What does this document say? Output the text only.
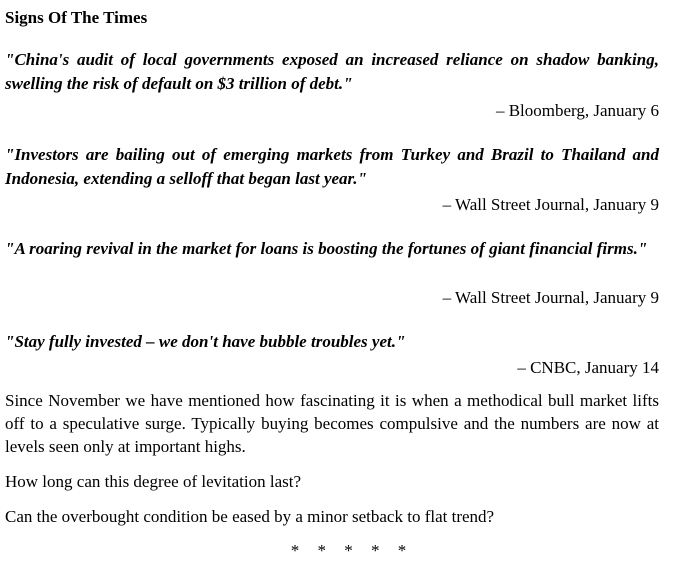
Signs Of The Times
"China's audit of local governments exposed an increased reliance on shadow banking, swelling the risk of default on $3 trillion of debt."
– Bloomberg, January 6
"Investors are bailing out of emerging markets from Turkey and Brazil to Thailand and Indonesia, extending a selloff that began last year."
– Wall Street Journal, January 9
"A roaring revival in the market for loans is boosting the fortunes of giant financial firms."
– Wall Street Journal, January 9
"Stay fully invested – we don't have bubble troubles yet."
– CNBC, January 14
Since November we have mentioned how fascinating it is when a methodical bull market lifts off to a speculative surge. Typically buying becomes compulsive and the numbers are now at levels seen only at important highs.
How long can this degree of levitation last?
Can the overbought condition be eased by a minor setback to flat trend?
* * * * *
